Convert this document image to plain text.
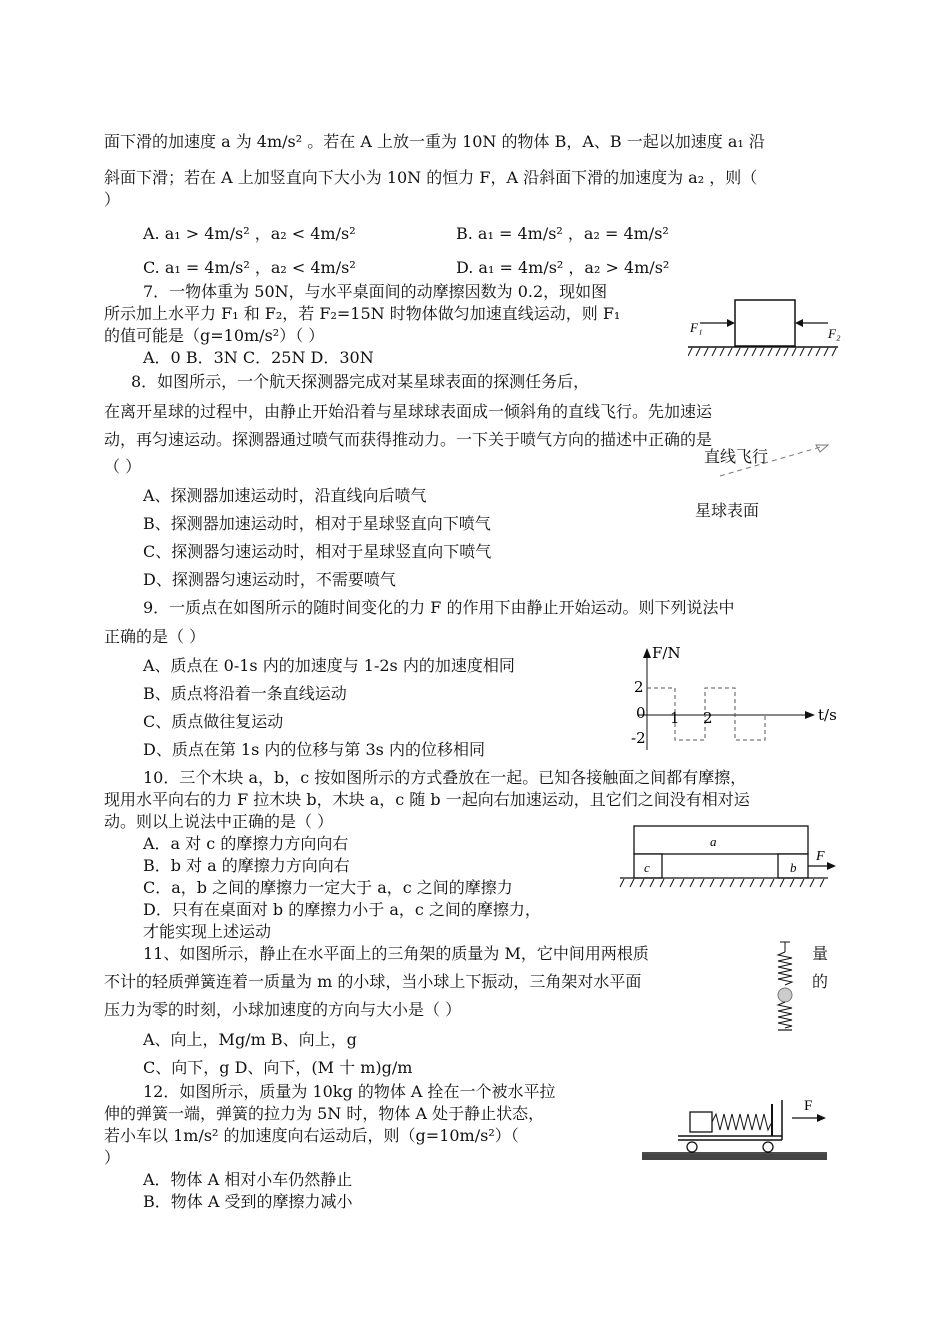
面下滑的加速度 a 为 4m/s² 。若在 A 上放一重为 10N 的物体 B，A、B 一起以加速度 a₁ 沿
斜面下滑；若在 A 上加竖直向下大小为 10N 的恒力 F，A 沿斜面下滑的加速度为 a₂ ，则（
）
A. a₁ > 4m/s² ，a₂ < 4m/s²	B. a₁ = 4m/s² ，a₂ = 4m/s²
C. a₁ = 4m/s² ，a₂ < 4m/s²	D. a₁ = 4m/s² ，a₂ > 4m/s²
7．一物体重为 50N，与水平桌面间的动摩擦因数为 0.2，现如图
所示加上水平力 F₁ 和 F₂，若 F₂=15N 时物体做匀加速直线运动，则 F₁
的值可能是（g=10m/s²）（ ）
A．0 B．3N C．25N D．30N
F₁	F₂
8．如图所示，一个航天探测器完成对某星球表面的探测任务后，
在离开星球的过程中，由静止开始沿着与星球球表面成一倾斜角的直线飞行。先加速运
动，再匀速运动。探测器通过喷气而获得推动力。一下关于喷气方向的描述中正确的是
（ ）
A、探测器加速运动时，沿直线向后喷气
B、探测器加速运动时，相对于星球竖直向下喷气
C、探测器匀速运动时，相对于星球竖直向下喷气
D、探测器匀速运动时，不需要喷气
直线飞行
星球表面
9．一质点在如图所示的随时间变化的力 F 的作用下由静止开始运动。则下列说法中
正确的是（ ）
A、质点在 0-1s 内的加速度与 1-2s 内的加速度相同
B、质点将沿着一条直线运动
C、质点做往复运动
D、质点在第 1s 内的位移与第 3s 内的位移相同
F/N
t/s
2
-2
0 1 2
10．三个木块 a，b，c 按如图所示的方式叠放在一起。已知各接触面之间都有摩擦，
现用水平向右的力 F 拉木块 b，木块 a，c 随 b 一起向右加速运动，且它们之间没有相对运
动。则以上说法中正确的是（ ）
A．a 对 c 的摩擦力方向向右
B．b 对 a 的摩擦力方向向右
C．a，b 之间的摩擦力一定大于 a，c 之间的摩擦力
D．只有在桌面对 b 的摩擦力小于 a，c 之间的摩擦力，
才能实现上述运动
a
c	b
F
11、如图所示，静止在水平面上的三角架的质量为 M，它中间用两根质	量
不计的轻质弹簧连着一质量为 m 的小球，当小球上下振动，三角架对水平面	的
压力为零的时刻，小球加速度的方向与大小是（ ）
A、向上，Mg/m B、向上，g
C、向下，g D、向下，(M 十 m)g/m
12．如图所示，质量为 10kg 的物体 A 拴在一个被水平拉
伸的弹簧一端，弹簧的拉力为 5N 时，物体 A 处于静止状态，
若小车以 1m/s² 的加速度向右运动后，则（g=10m/s²）（
）
A．物体 A 相对小车仍然静止
B．物体 A 受到的摩擦力减小
F
